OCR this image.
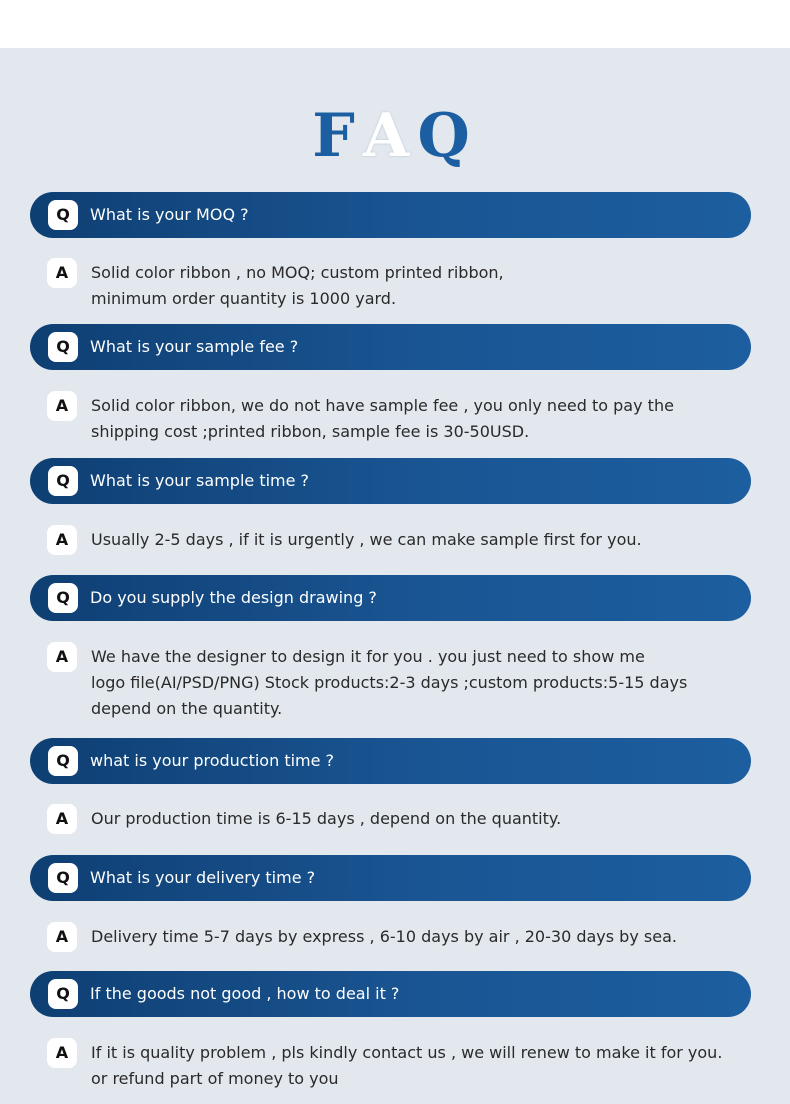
FAQ
Q	What is your MOQ ?
A	Solid color ribbon , no MOQ; custom printed ribbon,
minimum order quantity is 1000 yard.
Q	What is your sample fee ?
A	Solid color ribbon, we do not have sample fee , you only need to pay the
shipping cost ;printed ribbon, sample fee is 30-50USD.
Q	What is your sample time ?
A	Usually 2-5 days , if it is urgently , we can make sample first for you.
Q	Do you supply the design drawing ?
A	We have the designer to design it for you . you just need to show me
logo file(AI/PSD/PNG) Stock products:2-3 days ;custom products:5-15 days
depend on the quantity.
Q	what is your production time ?
A	Our production time is 6-15 days , depend on the quantity.
Q	What is your delivery time ?
A	Delivery time 5-7 days by express , 6-10 days by air , 20-30 days by sea.
Q	If the goods not good , how to deal it ?
A	If it is quality problem , pls kindly contact us , we will renew to make it for you.
or refund part of money to you
